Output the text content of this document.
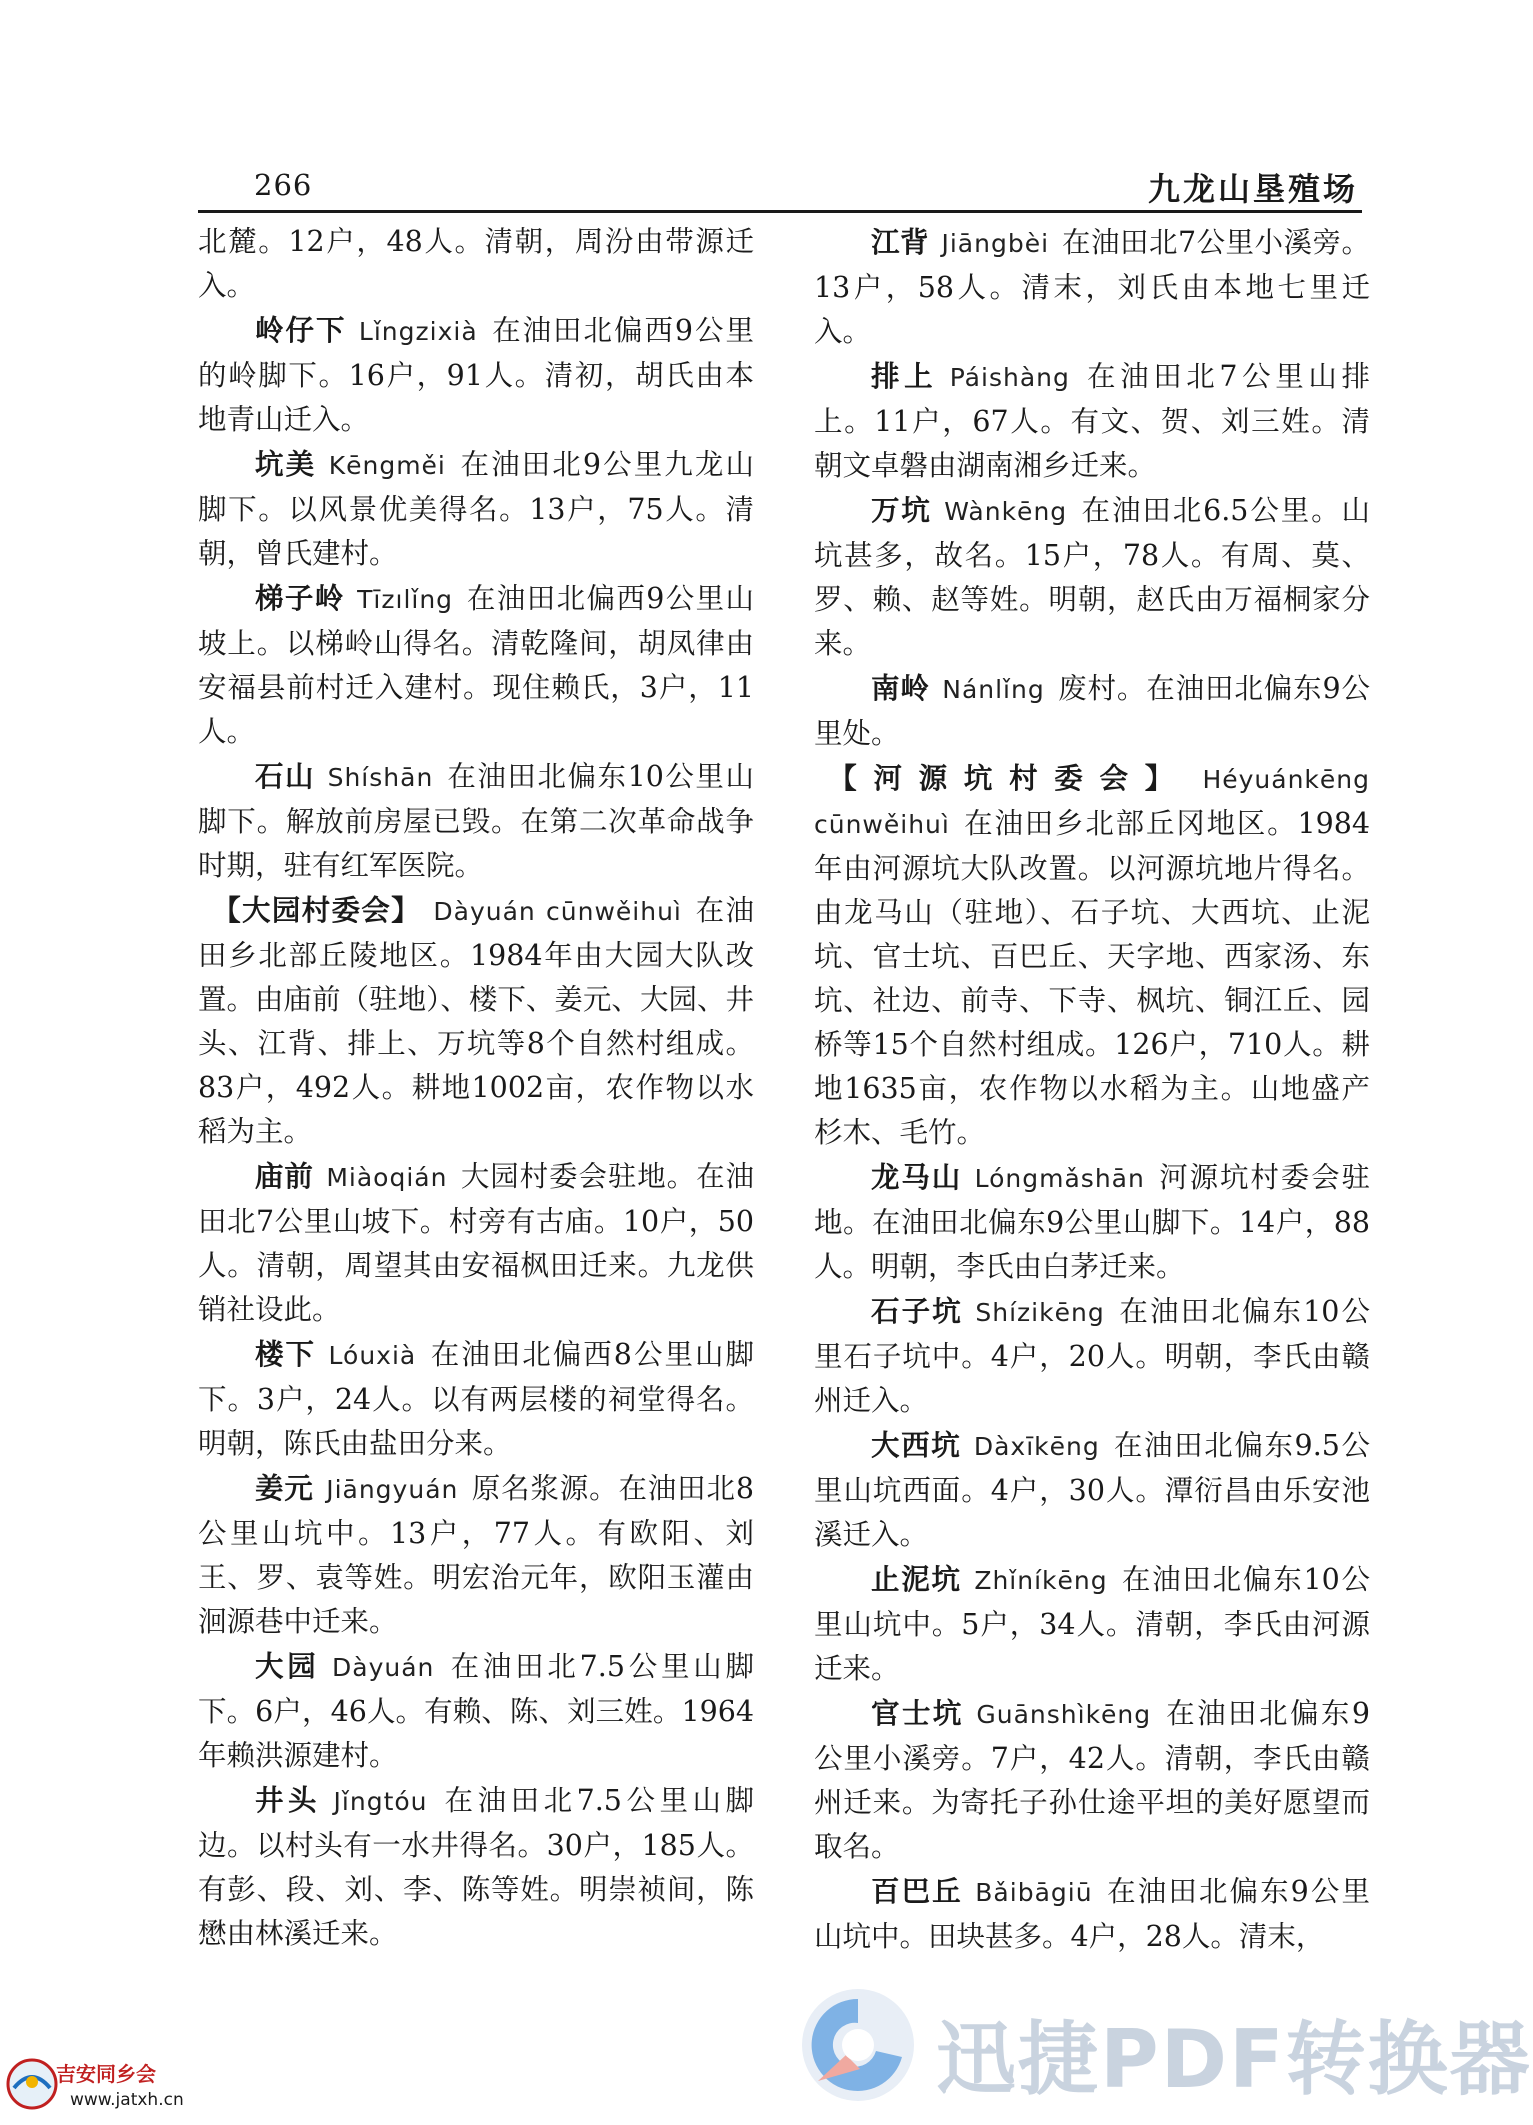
266	九龙山垦殖场

北麓。12户，48人。清朝，周汾由带源迁入。

岭仔下 Lǐngzixià 在油田北偏西9公里的岭脚下。16户，91人。清初，胡氏由本地青山迁入。

坑美 Kēngměi 在油田北9公里九龙山脚下。以风景优美得名。13户，75人。清朝，曾氏建村。

梯子岭 Tīzılǐng 在油田北偏西9公里山坡上。以梯岭山得名。清乾隆间，胡凤律由安福县前村迁入建村。现住赖氏，3户，11人。

石山 Shíshān 在油田北偏东10公里山脚下。解放前房屋已毁。在第二次革命战争时期，驻有红军医院。

【大园村委会】 Dàyuán cūnwěihuì 在油田乡北部丘陵地区。1984年由大园大队改置。由庙前（驻地）、楼下、姜元、大园、井头、江背、排上、万坑等8个自然村组成。83户，492人。耕地1002亩，农作物以水稻为主。

庙前 Miàoqián 大园村委会驻地。在油田北7公里山坡下。村旁有古庙。10户，50人。清朝，周望其由安福枫田迁来。九龙供销社设此。

楼下 Lóuxià 在油田北偏西8公里山脚下。3户，24人。以有两层楼的祠堂得名。明朝，陈氏由盐田分来。

姜元 Jiāngyuán 原名浆源。在油田北8公里山坑中。13户，77人。有欧阳、刘王、罗、袁等姓。明宏治元年，欧阳玉灌由洄源巷中迁来。

大园 Dàyuán 在油田北7.5公里山脚下。6户，46人。有赖、陈、刘三姓。1964年赖洪源建村。

井头 Jǐngtóu 在油田北7.5公里山脚边。以村头有一水井得名。30户，185人。有彭、段、刘、李、陈等姓。明崇祯间，陈懋由林溪迁来。

江背 Jiāngbèi 在油田北7公里小溪旁。13户，58人。清末，刘氏由本地七里迁入。

排上 Páishàng 在油田北7公里山排上。11户，67人。有文、贺、刘三姓。清朝文卓磐由湖南湘乡迁来。

万坑 Wànkēng 在油田北6.5公里。山坑甚多，故名。15户，78人。有周、莫、罗、赖、赵等姓。明朝，赵氏由万福桐家分来。

南岭 Nánlǐng 废村。在油田北偏东9公里处。

【河源坑村委会】 Héyuánkēng cūnwěihuì 在油田乡北部丘冈地区。1984年由河源坑大队改置。以河源坑地片得名。由龙马山（驻地）、石子坑、大西坑、止泥坑、官士坑、百巴丘、天字地、西家汤、东坑、社边、前寺、下寺、枫坑、铜江丘、园桥等15个自然村组成。126户，710人。耕地1635亩，农作物以水稻为主。山地盛产杉木、毛竹。

龙马山 Lóngmǎshān 河源坑村委会驻地。在油田北偏东9公里山脚下。14户，88人。明朝，李氏由白茅迁来。

石子坑 Shízikēng 在油田北偏东10公里石子坑中。4户，20人。明朝，李氏由赣州迁入。

大西坑 Dàxīkēng 在油田北偏东9.5公里山坑西面。4户，30人。潭衍昌由乐安池溪迁入。

止泥坑 Zhǐníkēng 在油田北偏东10公里山坑中。5户，34人。清朝，李氏由河源迁来。

官士坑 Guānshìkēng 在油田北偏东9公里小溪旁。7户，42人。清朝，李氏由赣州迁来。为寄托子孙仕途平坦的美好愿望而取名。

百巴丘 Bǎibāgiū 在油田北偏东9公里山坑中。田块甚多。4户，28人。清末，

迅捷PDF转换器
吉安同乡会
www.jatxh.cn
